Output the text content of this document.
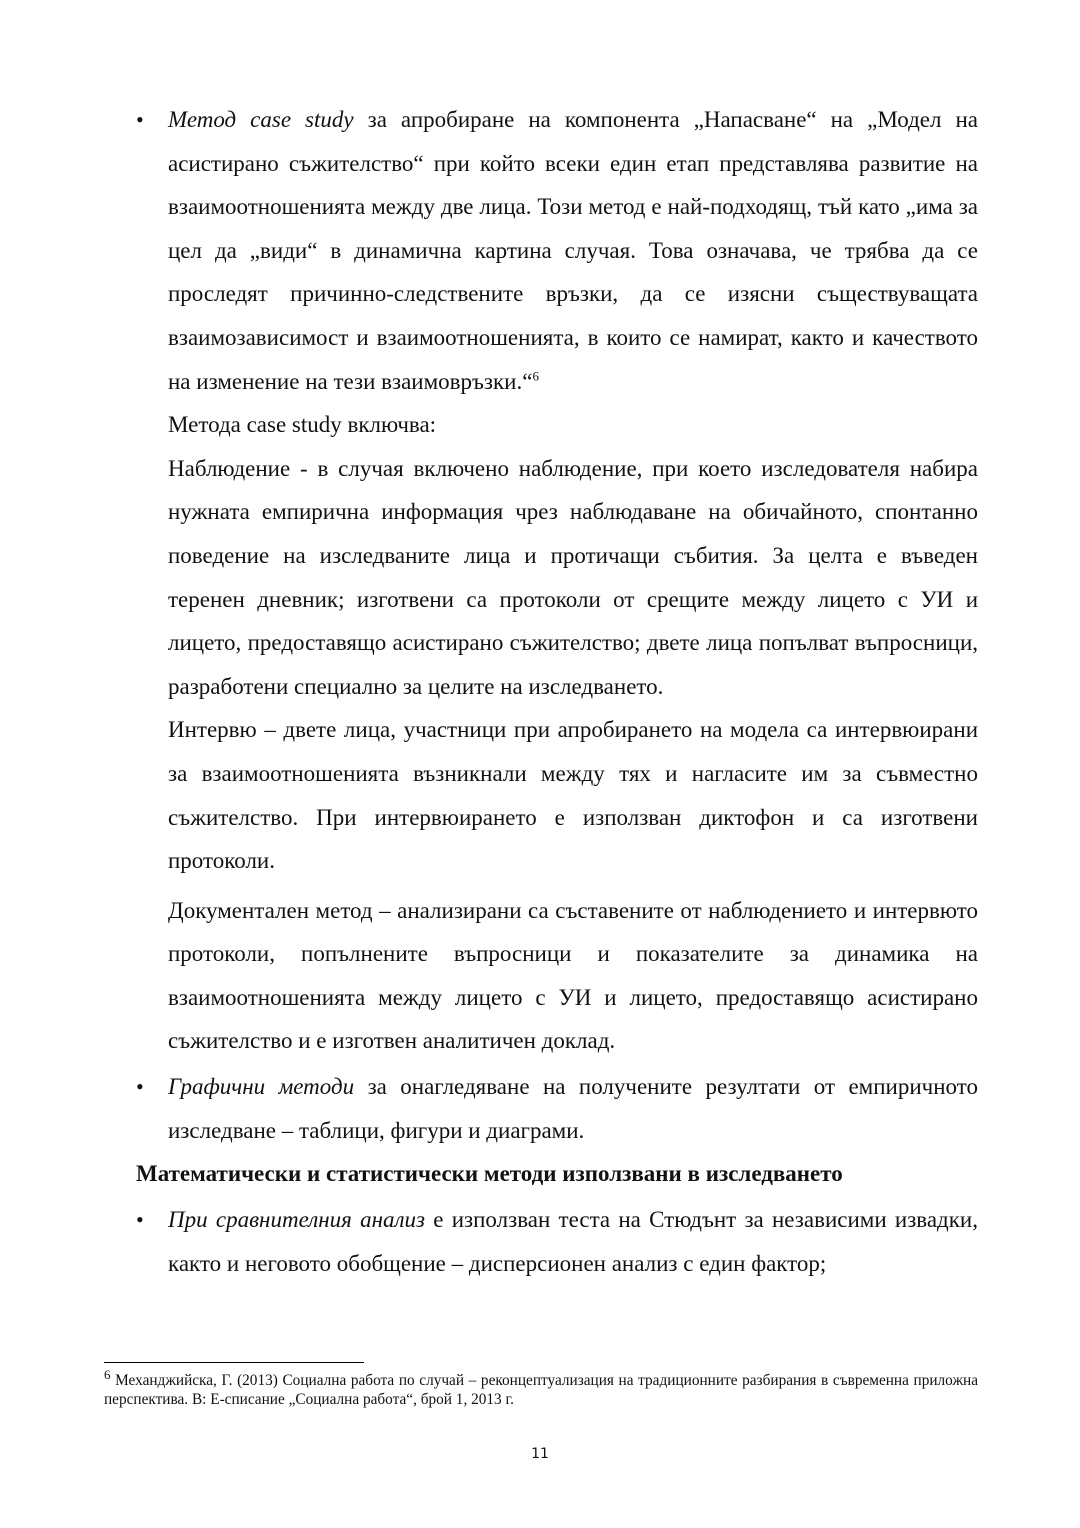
• Метод case study за апробиране на компонента „Напасване“ на „Модел на асистирано съжителство“ при който всеки един етап представлява развитие на взаимоотношенията между две лица. Този метод е най-подходящ, тъй като „има за цел да „види“ в динамична картина случая. Това означава, че трябва да се проследят причинно-следствените връзки, да се изясни съществуващата взаимозависимост и взаимоотношенията, в които се намират, както и качеството на изменение на тези взаимовръзки.“$^6$

Метода case study включва:

Наблюдение - в случая включено наблюдение, при което изследователя набира нужната емпирична информация чрез наблюдаване на обичайното, спонтанно поведение на изследваните лица и протичащи събития. За целта е въведен теренен дневник; изготвени са протоколи от срещите между лицето с УИ и лицето, предоставящо асистирано съжителство; двете лица попълват въпросници, разработени специално за целите на изследването.

Интервю – двете лица, участници при апробирането на модела са интервюирани за взаимоотношенията възникнали между тях и нагласите им за съвместно съжителство. При интервюирането е използван диктофон и са изготвени протоколи.

Документален метод – анализирани са съставените от наблюдението и интервюто протоколи, попълнените въпросници и показателите за динамика на взаимоотношенията между лицето с УИ и лицето, предоставящо асистирано съжителство и е изготвен аналитичен доклад.

• Графични методи за онагледяване на получените резултати от емпиричното изследване – таблици, фигури и диаграми.

Математически и статистически методи използвани в изследването
• При сравнителния анализ е използван теста на Стюдънт за независими извадки, както и неговото обобщение – дисперсионен анализ с един фактор;

$^6$ Механджийска, Г. (2013) Социална работа по случай – реконцептуализация на традиционните разбирания в съвременна приложна перспектива. В: Е-списание „Социална работа“, брой 1, 2013 г.
11
